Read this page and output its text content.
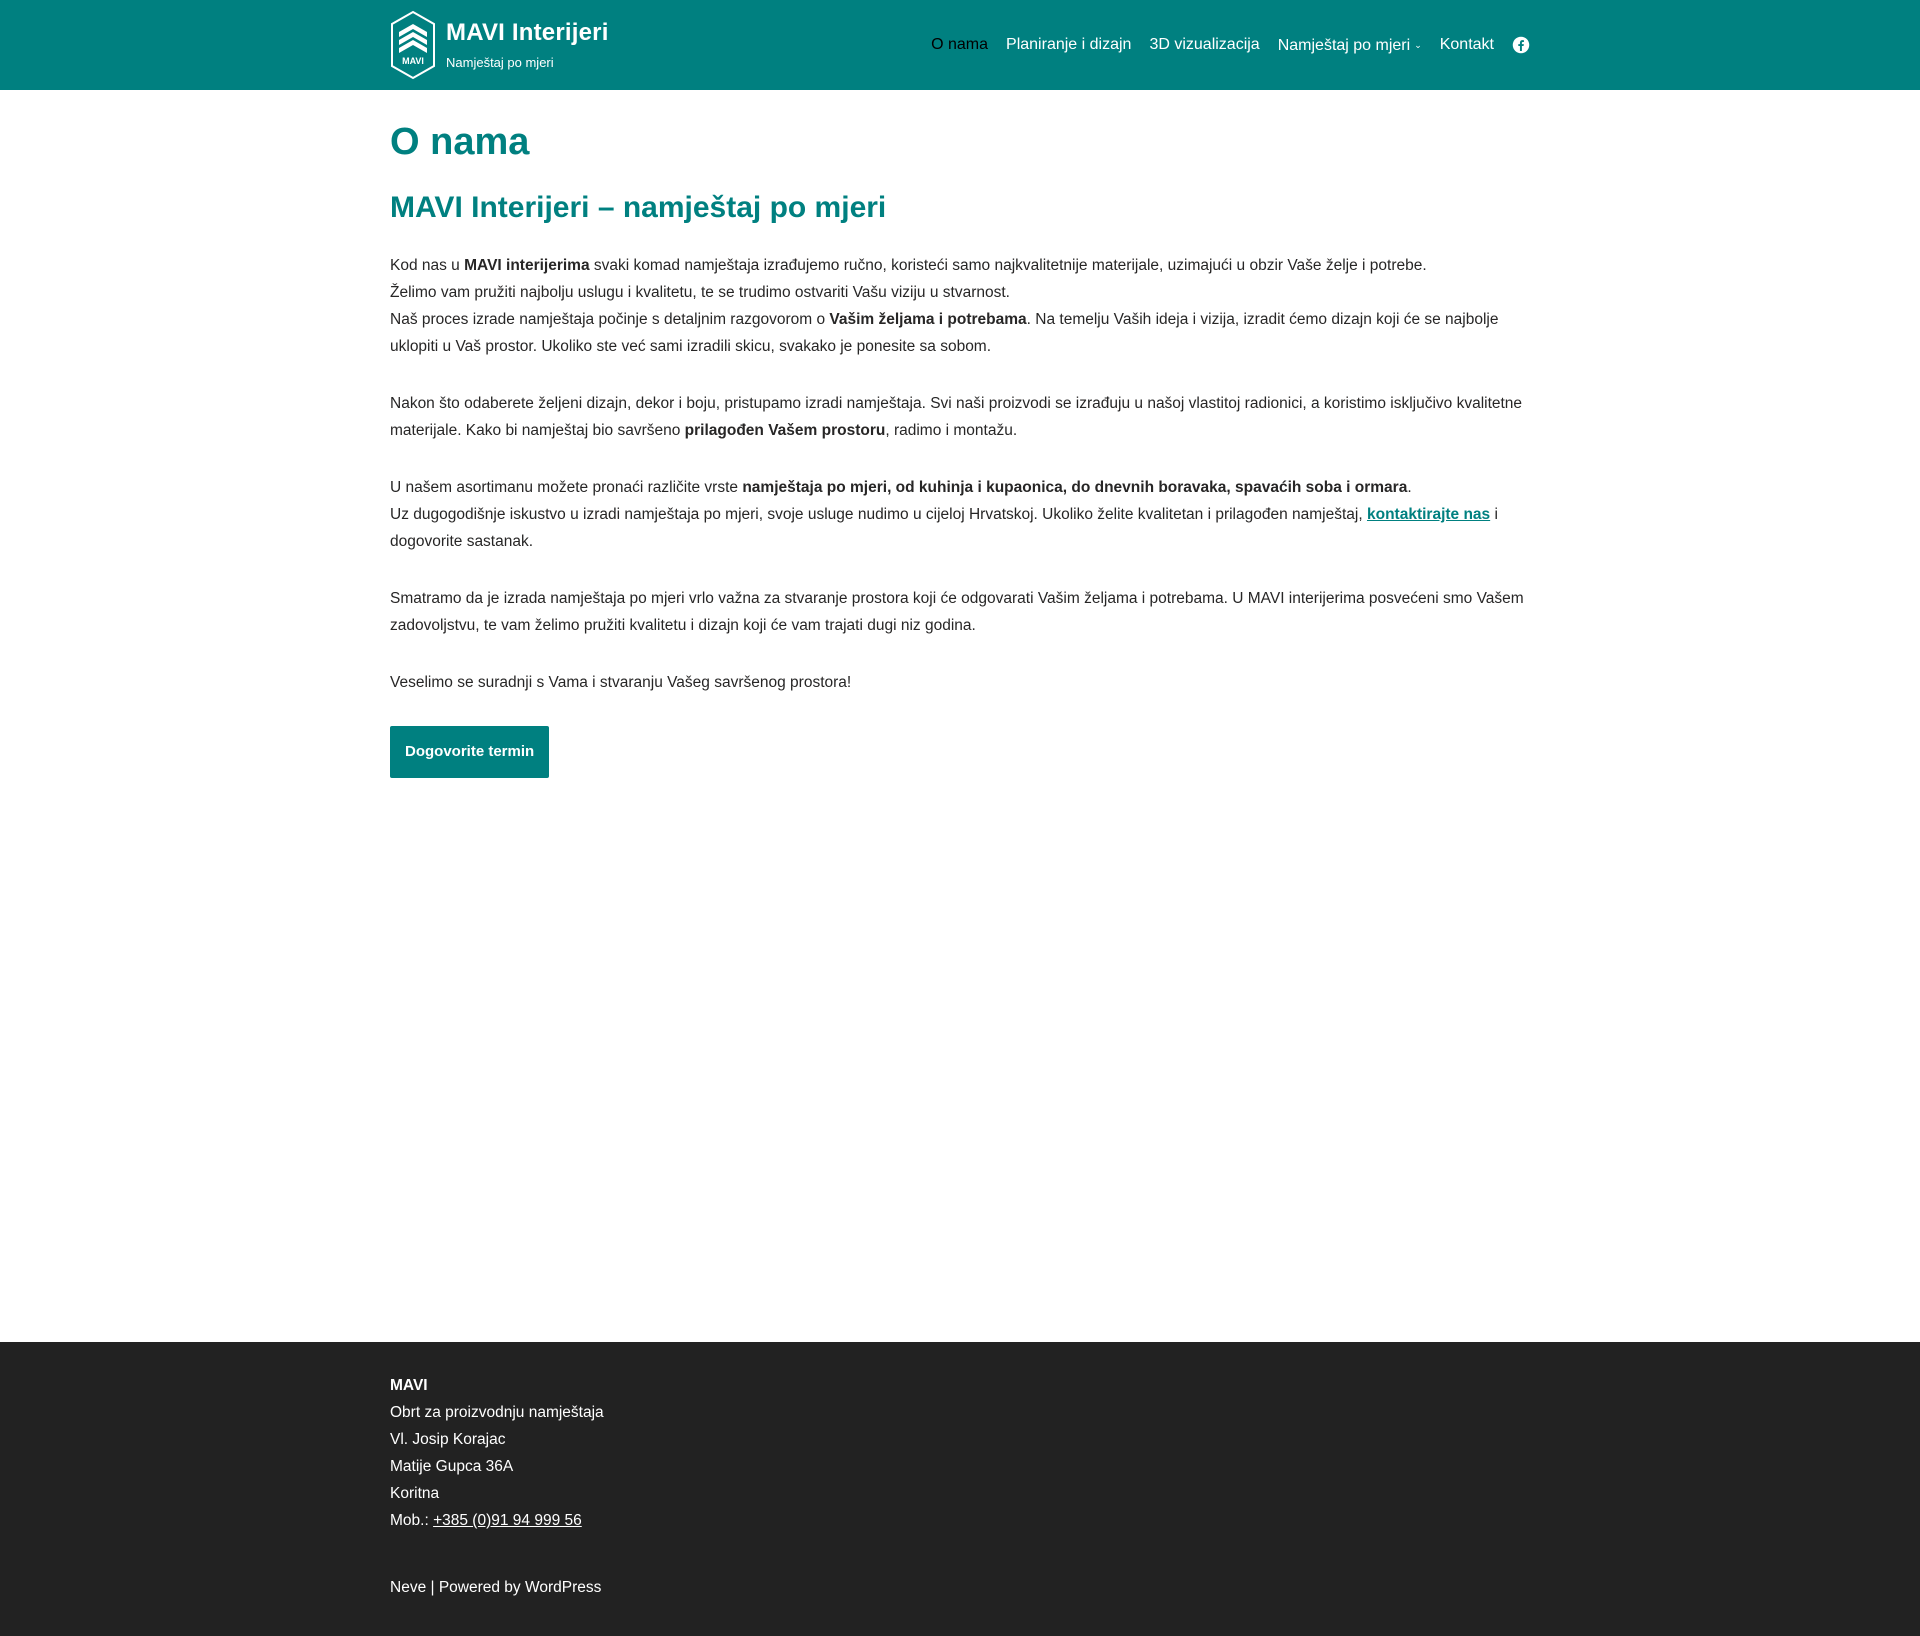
MAVI
MAVI Interijeri
Namještaj po mjeri
O nama Planiranje i dizajn 3D vizualizacija Namještaj po mjeri ⌄ Kontakt
O nama
MAVI Interijeri – namještaj po mjeri

Kod nas u MAVI interijerima svaki komad namještaja izrađujemo ručno, koristeći samo najkvalitetnije materijale, uzimajući u obzir Vaše želje i potrebe.
Želimo vam pružiti najbolju uslugu i kvalitetu, te se trudimo ostvariti Vašu viziju u stvarnost.
Naš proces izrade namještaja počinje s detaljnim razgovorom o Vašim željama i potrebama. Na temelju Vaših ideja i vizija, izradit ćemo dizajn koji će se najbolje uklopiti u Vaš prostor. Ukoliko ste već sami izradili skicu, svakako je ponesite sa sobom.

Nakon što odaberete željeni dizajn, dekor i boju, pristupamo izradi namještaja. Svi naši proizvodi se izrađuju u našoj vlastitoj radionici, a koristimo isključivo kvalitetne materijale. Kako bi namještaj bio savršeno prilagođen Vašem prostoru, radimo i montažu.

U našem asortimanu možete pronaći različite vrste namještaja po mjeri, od kuhinja i kupaonica, do dnevnih boravaka, spavaćih soba i ormara.
Uz dugogodišnje iskustvo u izradi namještaja po mjeri, svoje usluge nudimo u cijeloj Hrvatskoj. Ukoliko želite kvalitetan i prilagođen namještaj, kontaktirajte nas i dogovorite sastanak.

Smatramo da je izrada namještaja po mjeri vrlo važna za stvaranje prostora koji će odgovarati Vašim željama i potrebama. U MAVI interijerima posvećeni smo Vašem zadovoljstvu, te vam želimo pružiti kvalitetu i dizajn koji će vam trajati dugi niz godina.

Veselimo se suradnji s Vama i stvaranju Vašeg savršenog prostora!

Dogovorite termin
MAVI
Obrt za proizvodnju namještaja
Vl. Josip Korajac
Matije Gupca 36A
Koritna
Mob.: +385 (0)91 94 999 56
Neve | Powered by WordPress
